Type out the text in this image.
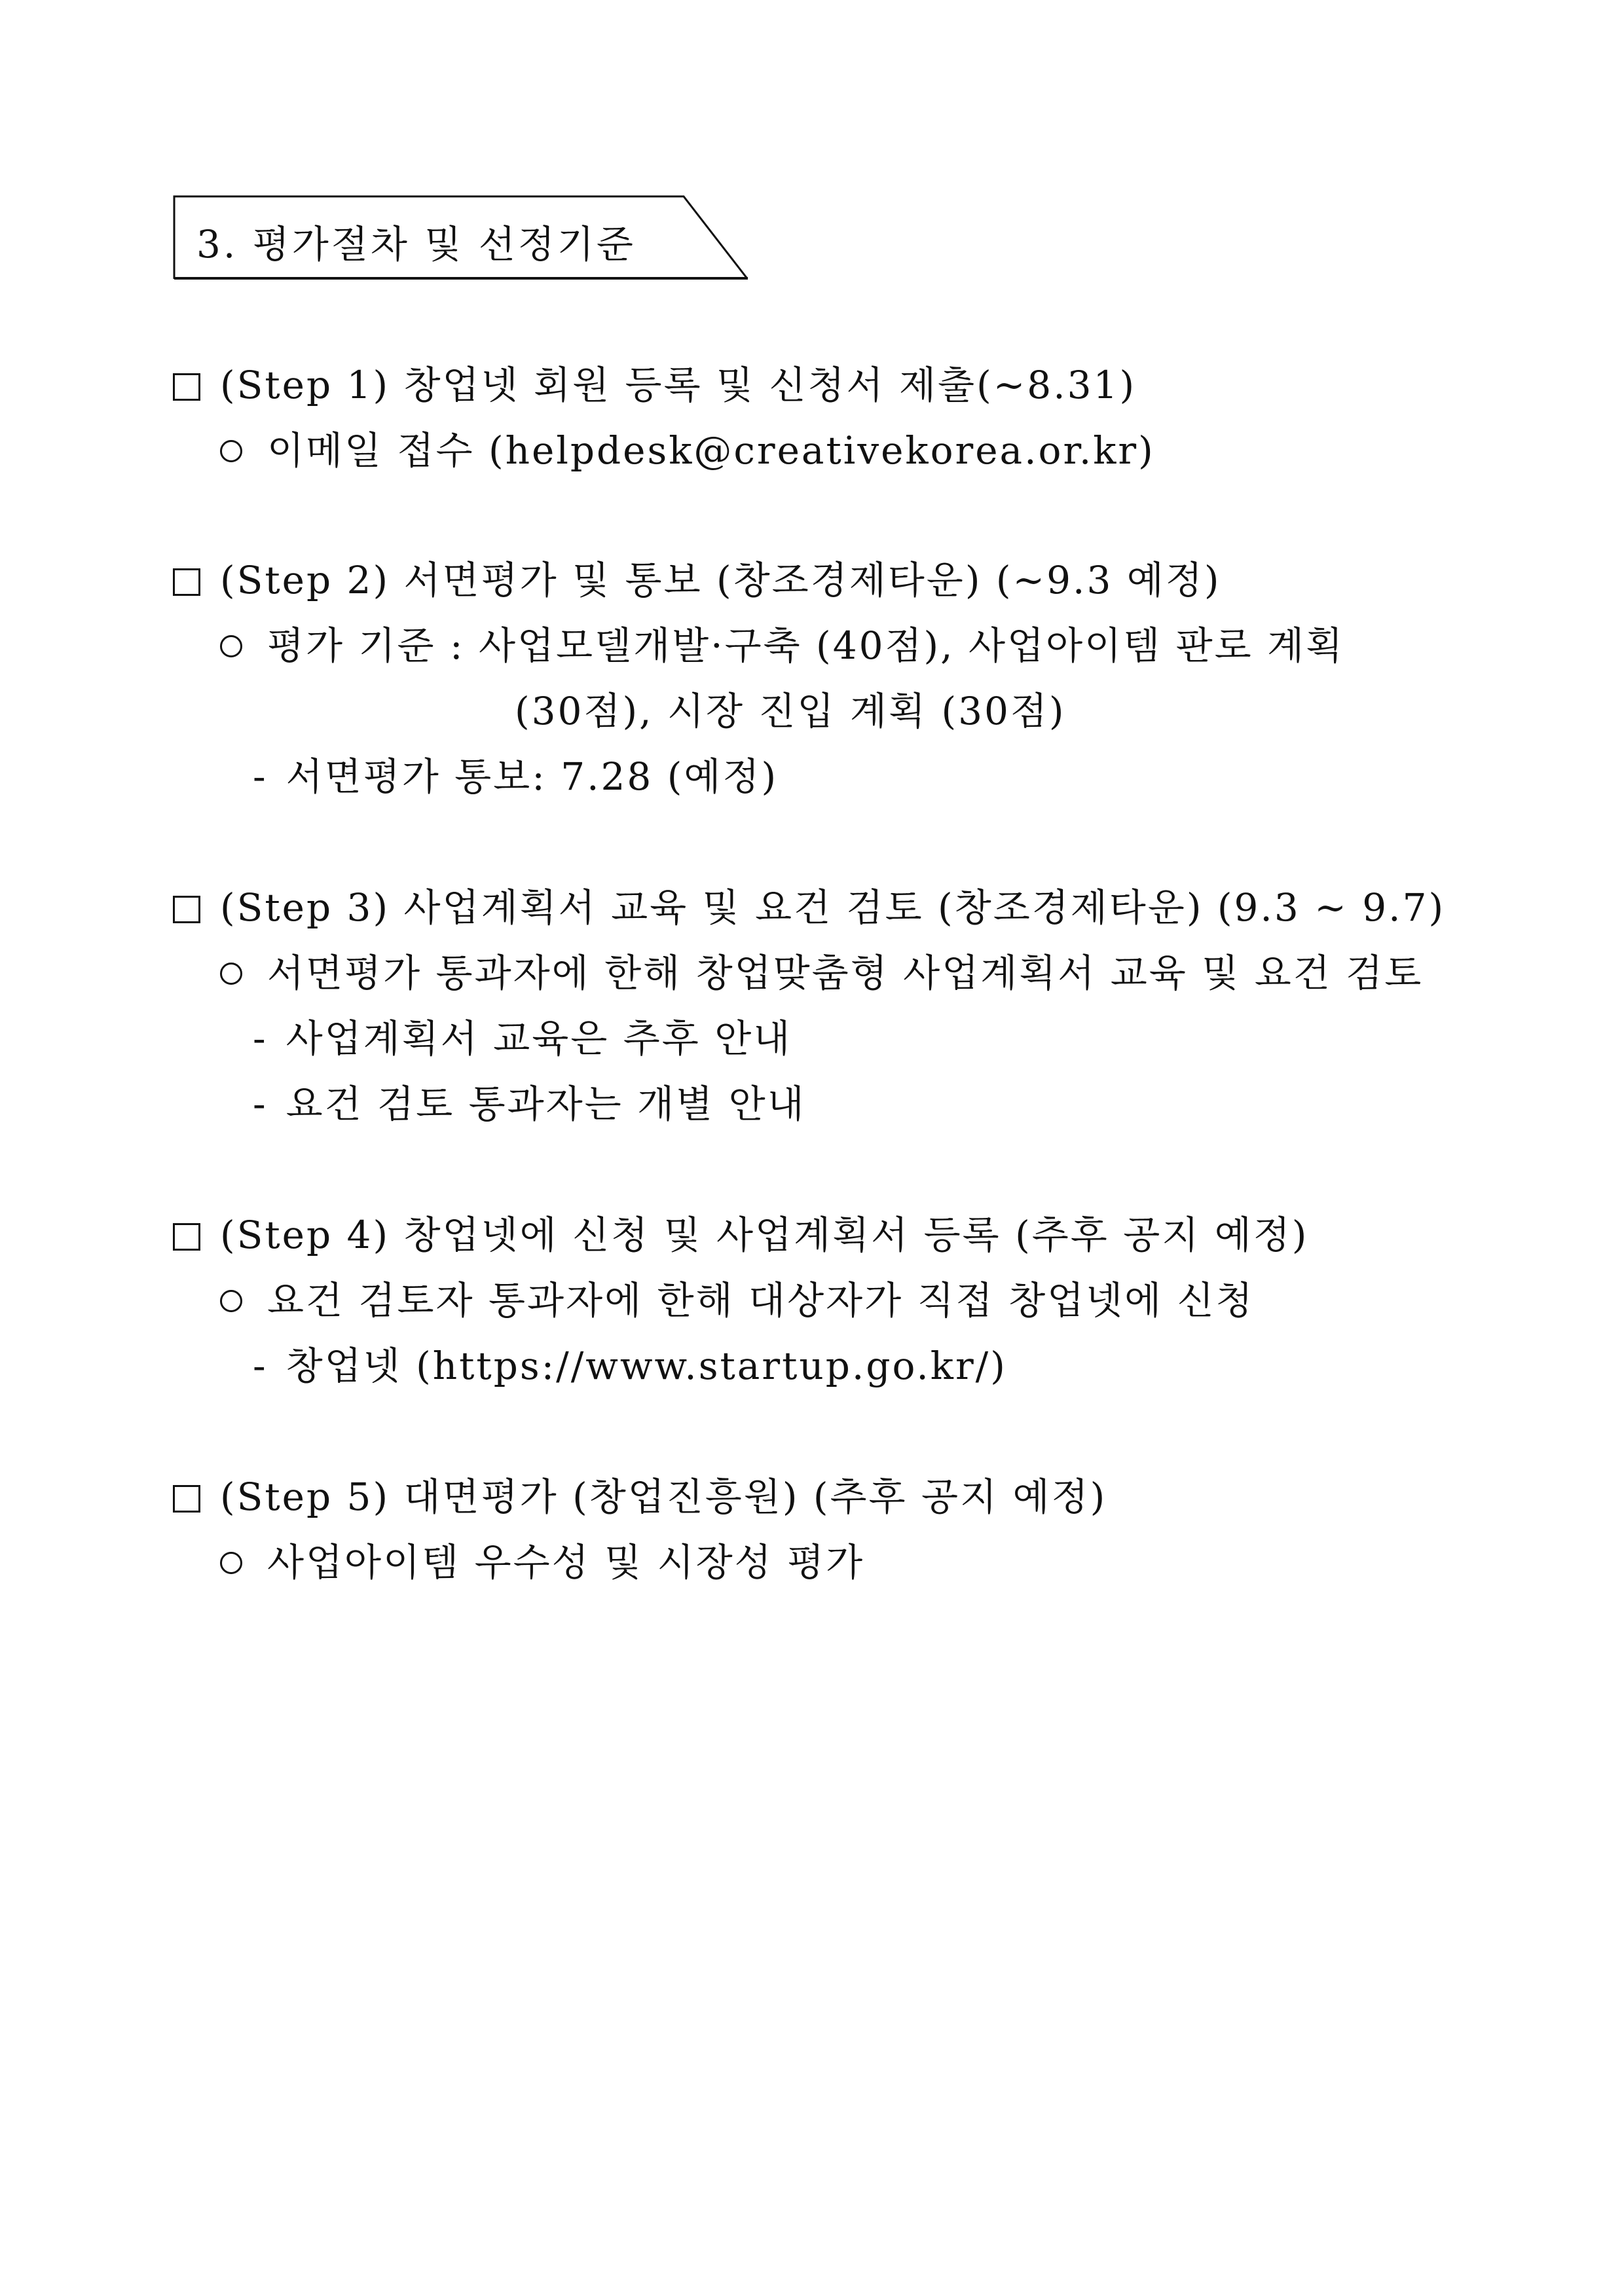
3. 평가절차 및 선정기준
(Step 1) 창업넷 회원 등록 및 신청서 제출(~8.31)
이메일 접수 (helpdesk@creativekorea.or.kr)
(Step 2) 서면평가 및 통보 (창조경제타운) (~9.3 예정)
평가 기준 : 사업모델개발·구축 (40점), 사업아이템 판로 계획
(30점), 시장 진입 계획 (30점)
- 서면평가 통보: 7.28 (예정)
(Step 3) 사업계획서 교육 및 요건 검토 (창조경제타운) (9.3 ~ 9.7)
서면평가 통과자에 한해 창업맞춤형 사업계획서 교육 및 요건 검토
- 사업계획서 교육은 추후 안내
- 요건 검토 통과자는 개별 안내
(Step 4) 창업넷에 신청 및 사업계획서 등록 (추후 공지 예정)
요건 검토자 통과자에 한해 대상자가 직접 창업넷에 신청
- 창업넷 (https://www.startup.go.kr/)
(Step 5) 대면평가 (창업진흥원) (추후 공지 예정)
사업아이템 우수성 및 시장성 평가
